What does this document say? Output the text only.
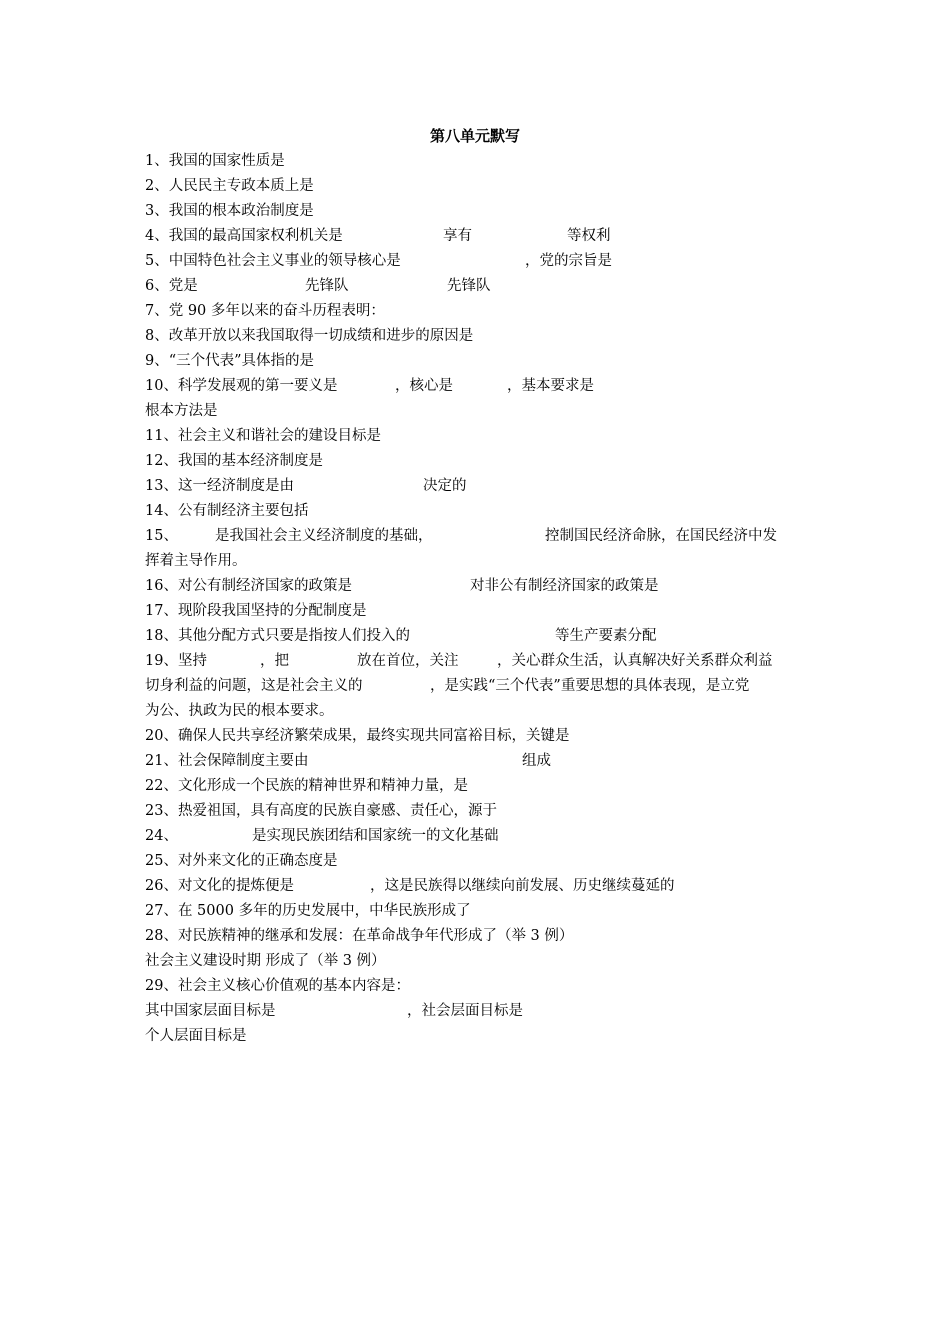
第八单元默写
1、我国的国家性质是
2、人民民主专政本质上是
3、我国的根本政治制度是
4、我国的最高国家权利机关是	享有	等权利
5、中国特色社会主义事业的领导核心是	，党的宗旨是
6、党是	先锋队	先锋队
7、党 90 多年以来的奋斗历程表明：
8、改革开放以来我国取得一切成绩和进步的原因是
9、“三个代表”具体指的是
10、科学发展观的第一要义是	，核心是	，基本要求是
根本方法是
11、社会主义和谐社会的建设目标是
12、我国的基本经济制度是
13、这一经济制度是由	决定的
14、公有制经济主要包括
15、	是我国社会主义经济制度的基础，	控制国民经济命脉，在国民经济中发
挥着主导作用。
16、对公有制经济国家的政策是	对非公有制经济国家的政策是
17、现阶段我国坚持的分配制度是
18、其他分配方式只要是指按人们投入的	等生产要素分配
19、坚持	，把	放在首位，关注	，关心群众生活，认真解决好关系群众利益
切身利益的问题，这是社会主义的	，是实践“三个代表”重要思想的具体表现，是立党
为公、执政为民的根本要求。
20、确保人民共享经济繁荣成果，最终实现共同富裕目标，关键是
21、社会保障制度主要由	组成
22、文化形成一个民族的精神世界和精神力量，是
23、热爱祖国，具有高度的民族自豪感、责任心，源于
24、	是实现民族团结和国家统一的文化基础
25、对外来文化的正确态度是
26、对文化的提炼便是	，这是民族得以继续向前发展、历史继续蔓延的
27、在 5000 多年的历史发展中，中华民族形成了
28、对民族精神的继承和发展：在革命战争年代形成了（举 3 例）
社会主义建设时期 形成了（举 3 例）
29、社会主义核心价值观的基本内容是：
其中国家层面目标是	，社会层面目标是
个人层面目标是
